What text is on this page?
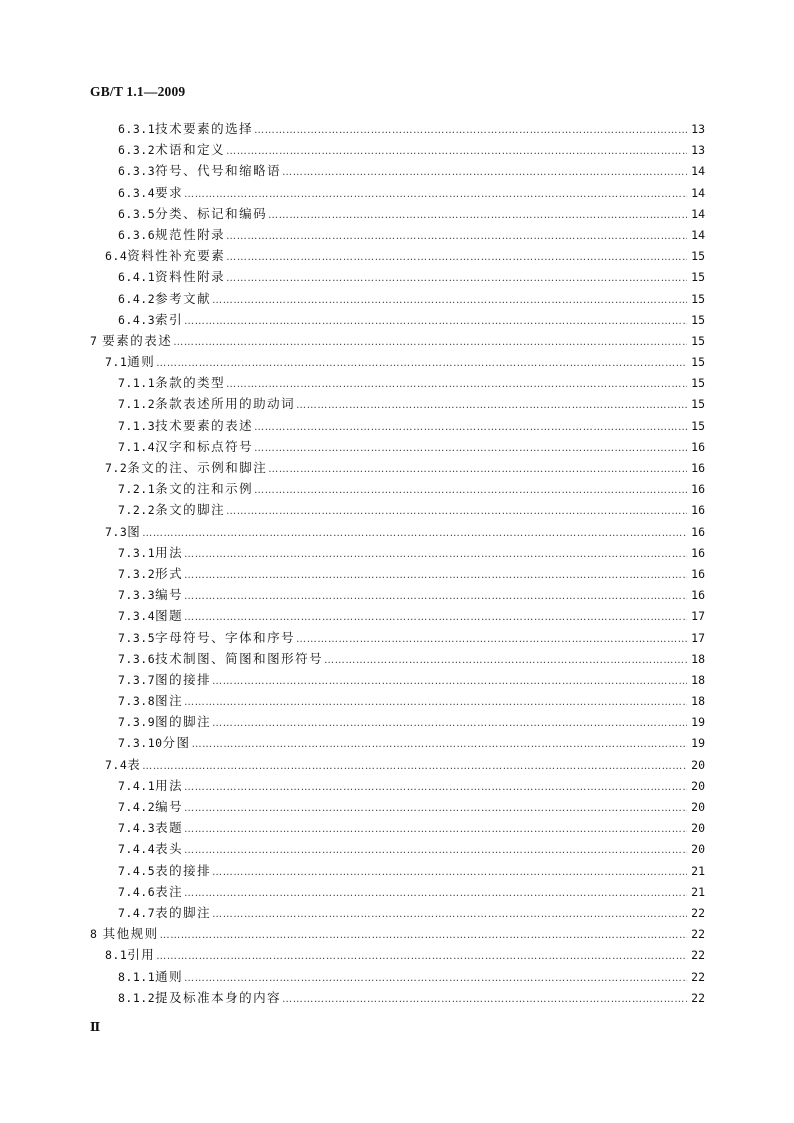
GB/T 1.1—2009
6.3.1 技术要素的选择 ……………………………………………………………………………………………………………………………………………………………………………………………………………………………………………………………	13
6.3.2 术语和定义 ……………………………………………………………………………………………………………………………………………………………………………………………………………………………………………………………	13
6.3.3 符号、代号和缩略语 ……………………………………………………………………………………………………………………………………………………………………………………………………………………………………………………………	14
6.3.4 要求 ……………………………………………………………………………………………………………………………………………………………………………………………………………………………………………………………	14
6.3.5 分类、标记和编码 ……………………………………………………………………………………………………………………………………………………………………………………………………………………………………………………………	14
6.3.6 规范性附录 ……………………………………………………………………………………………………………………………………………………………………………………………………………………………………………………………	14
6.4 资料性补充要素 ……………………………………………………………………………………………………………………………………………………………………………………………………………………………………………………………	15
6.4.1 资料性附录 ……………………………………………………………………………………………………………………………………………………………………………………………………………………………………………………………	15
6.4.2 参考文献 ……………………………………………………………………………………………………………………………………………………………………………………………………………………………………………………………	15
6.4.3 索引 ……………………………………………………………………………………………………………………………………………………………………………………………………………………………………………………………	15
7 要素的表述 ……………………………………………………………………………………………………………………………………………………………………………………………………………………………………………………………	15
7.1 通则 ……………………………………………………………………………………………………………………………………………………………………………………………………………………………………………………………	15
7.1.1 条款的类型 ……………………………………………………………………………………………………………………………………………………………………………………………………………………………………………………………	15
7.1.2 条款表述所用的助动词 ……………………………………………………………………………………………………………………………………………………………………………………………………………………………………………………………	15
7.1.3 技术要素的表述 ……………………………………………………………………………………………………………………………………………………………………………………………………………………………………………………………	15
7.1.4 汉字和标点符号 ……………………………………………………………………………………………………………………………………………………………………………………………………………………………………………………………	16
7.2 条文的注、示例和脚注 ……………………………………………………………………………………………………………………………………………………………………………………………………………………………………………………………	16
7.2.1 条文的注和示例 ……………………………………………………………………………………………………………………………………………………………………………………………………………………………………………………………	16
7.2.2 条文的脚注 ……………………………………………………………………………………………………………………………………………………………………………………………………………………………………………………………	16
7.3 图 ……………………………………………………………………………………………………………………………………………………………………………………………………………………………………………………………	16
7.3.1 用法 ……………………………………………………………………………………………………………………………………………………………………………………………………………………………………………………………	16
7.3.2 形式 ……………………………………………………………………………………………………………………………………………………………………………………………………………………………………………………………	16
7.3.3 编号 ……………………………………………………………………………………………………………………………………………………………………………………………………………………………………………………………	16
7.3.4 图题 ……………………………………………………………………………………………………………………………………………………………………………………………………………………………………………………………	17
7.3.5 字母符号、字体和序号 ……………………………………………………………………………………………………………………………………………………………………………………………………………………………………………………………	17
7.3.6 技术制图、简图和图形符号 ……………………………………………………………………………………………………………………………………………………………………………………………………………………………………………………………	18
7.3.7 图的接排 ……………………………………………………………………………………………………………………………………………………………………………………………………………………………………………………………	18
7.3.8 图注 ……………………………………………………………………………………………………………………………………………………………………………………………………………………………………………………………	18
7.3.9 图的脚注 ……………………………………………………………………………………………………………………………………………………………………………………………………………………………………………………………	19
7.3.10 分图 ……………………………………………………………………………………………………………………………………………………………………………………………………………………………………………………………	19
7.4 表 ……………………………………………………………………………………………………………………………………………………………………………………………………………………………………………………………	20
7.4.1 用法 ……………………………………………………………………………………………………………………………………………………………………………………………………………………………………………………………	20
7.4.2 编号 ……………………………………………………………………………………………………………………………………………………………………………………………………………………………………………………………	20
7.4.3 表题 ……………………………………………………………………………………………………………………………………………………………………………………………………………………………………………………………	20
7.4.4 表头 ……………………………………………………………………………………………………………………………………………………………………………………………………………………………………………………………	20
7.4.5 表的接排 ……………………………………………………………………………………………………………………………………………………………………………………………………………………………………………………………	21
7.4.6 表注 ……………………………………………………………………………………………………………………………………………………………………………………………………………………………………………………………	21
7.4.7 表的脚注 ……………………………………………………………………………………………………………………………………………………………………………………………………………………………………………………………	22
8 其他规则 ……………………………………………………………………………………………………………………………………………………………………………………………………………………………………………………………	22
8.1 引用 ……………………………………………………………………………………………………………………………………………………………………………………………………………………………………………………………	22
8.1.1 通则 ……………………………………………………………………………………………………………………………………………………………………………………………………………………………………………………………	22
8.1.2 提及标准本身的内容 ……………………………………………………………………………………………………………………………………………………………………………………………………………………………………………………………	22
Ⅱ
